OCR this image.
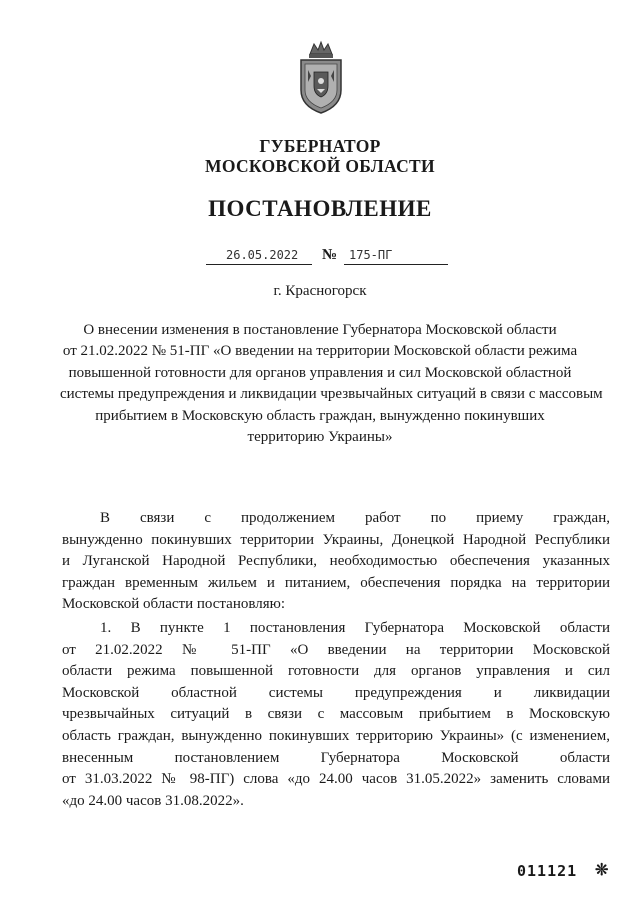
ГУБЕРНАТОР
МОСКОВСКОЙ ОБЛАСТИ
ПОСТАНОВЛЕНИЕ
26.05.2022 № 175-ПГ
г. Красногорск
О внесении изменения в постановление Губернатора Московской области
от 21.02.2022 № 51-ПГ «О введении на территории Московской области режима
повышенной готовности для органов управления и сил Московской областной
системы предупреждения и ликвидации чрезвычайных ситуаций в связи с массовым
прибытием в Московскую область граждан, вынужденно покинувших
территорию Украины»
В связи с продолжением работ по приему граждан,
вынужденно покинувших территории Украины, Донецкой Народной Республики
и Луганской Народной Республики, необходимостью обеспечения указанных
граждан временным жильем и питанием, обеспечения порядка на территории
Московской области постановляю:
1. В пункте 1 постановления Губернатора Московской области
от 21.02.2022 № 51-ПГ «О введении на территории Московской
области режима повышенной готовности для органов управления и сил
Московской областной системы предупреждения и ликвидации
чрезвычайных ситуаций в связи с массовым прибытием в Московскую
область граждан, вынужденно покинувших территорию Украины» (с изменением,
внесенным постановлением Губернатора Московской области
от 31.03.2022 № 98-ПГ) слова «до 24.00 часов 31.05.2022» заменить словами
«до 24.00 часов 31.08.2022».
011121 ❊
